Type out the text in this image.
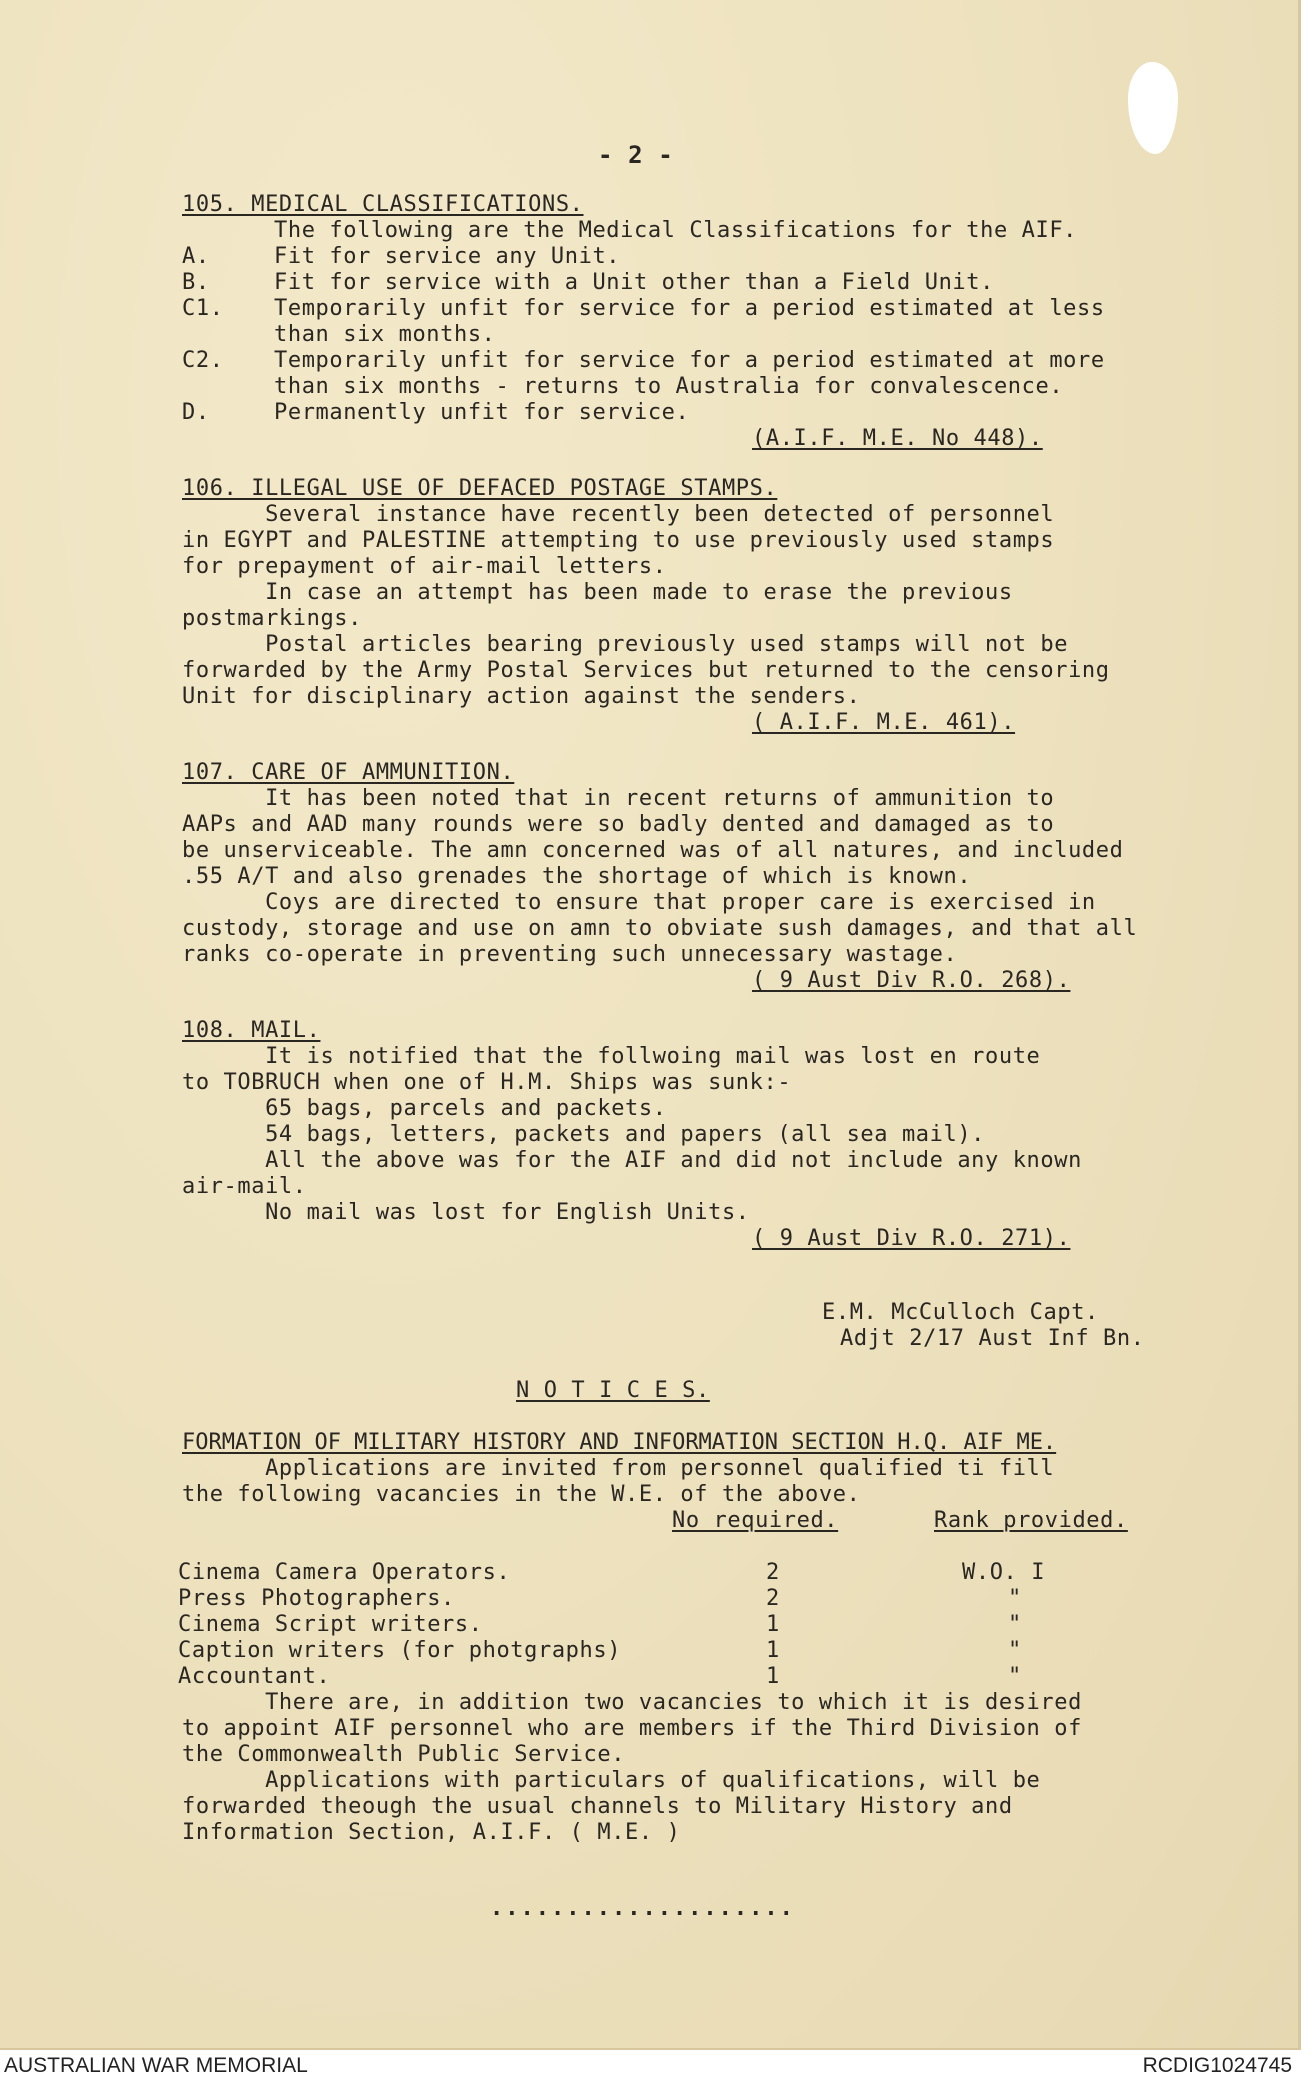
- 2 -
105. MEDICAL CLASSIFICATIONS.
The following are the Medical Classifications for the AIF.
A.	Fit for service any Unit.
B.	Fit for service with a Unit other than a Field Unit.
C1. Temporarily unfit for service for a period estimated at less
than six months.
C2. Temporarily unfit for service for a period estimated at more
than six months - returns to Australia for convalescence.
D.	Permanently unfit for service.
(A.I.F. M.E. No 448).
106. ILLEGAL USE OF DEFACED POSTAGE STAMPS.
Several instance have recently been detected of personnel
in EGYPT and PALESTINE attempting to use previously used stamps
for prepayment of air-mail letters.
In case an attempt has been made to erase the previous
postmarkings.
Postal articles bearing previously used stamps will not be
forwarded by the Army Postal Services but returned to the censoring
Unit for disciplinary action against the senders.
( A.I.F. M.E. 461).
107. CARE OF AMMUNITION.
It has been noted that in recent returns of ammunition to
AAPs and AAD many rounds were so badly dented and damaged as to
be unserviceable. The amn concerned was of all natures, and included
.55 A/T and also grenades the shortage of which is known.
Coys are directed to ensure that proper care is exercised in
custody, storage and use on amn to obviate sush damages, and that all
ranks co-operate in preventing such unnecessary wastage.
( 9 Aust Div R.O. 268).
108. MAIL.
It is notified that the follwoing mail was lost en route
to TOBRUCH when one of H.M. Ships was sunk:-
65 bags, parcels and packets.
54 bags, letters, packets and papers (all sea mail).
All the above was for the AIF and did not include any known
air-mail.
No mail was lost for English Units.
( 9 Aust Div R.O. 271).
E.M. McCulloch Capt.
Adjt 2/17 Aust Inf Bn.
N O T I C E S.
FORMATION OF MILITARY HISTORY AND INFORMATION SECTION H.Q. AIF ME.
Applications are invited from personnel qualified ti fill
the following vacancies in the W.E. of the above.
No required.	Rank provided.
Cinema Camera Operators.	2	W.O. I
Press Photographers.	2	"
Cinema Script writers.	1	"
Caption writers (for photgraphs)	1	"
Accountant.	1	"
There are, in addition two vacancies to which it is desired
to appoint AIF personnel who are members if the Third Division of
the Commonwealth Public Service.
Applications with particulars of qualifications, will be
forwarded theough the usual channels to Military History and
Information Section, A.I.F. ( M.E. )
....................
AUSTRALIAN WAR MEMORIAL	RCDIG1024745
